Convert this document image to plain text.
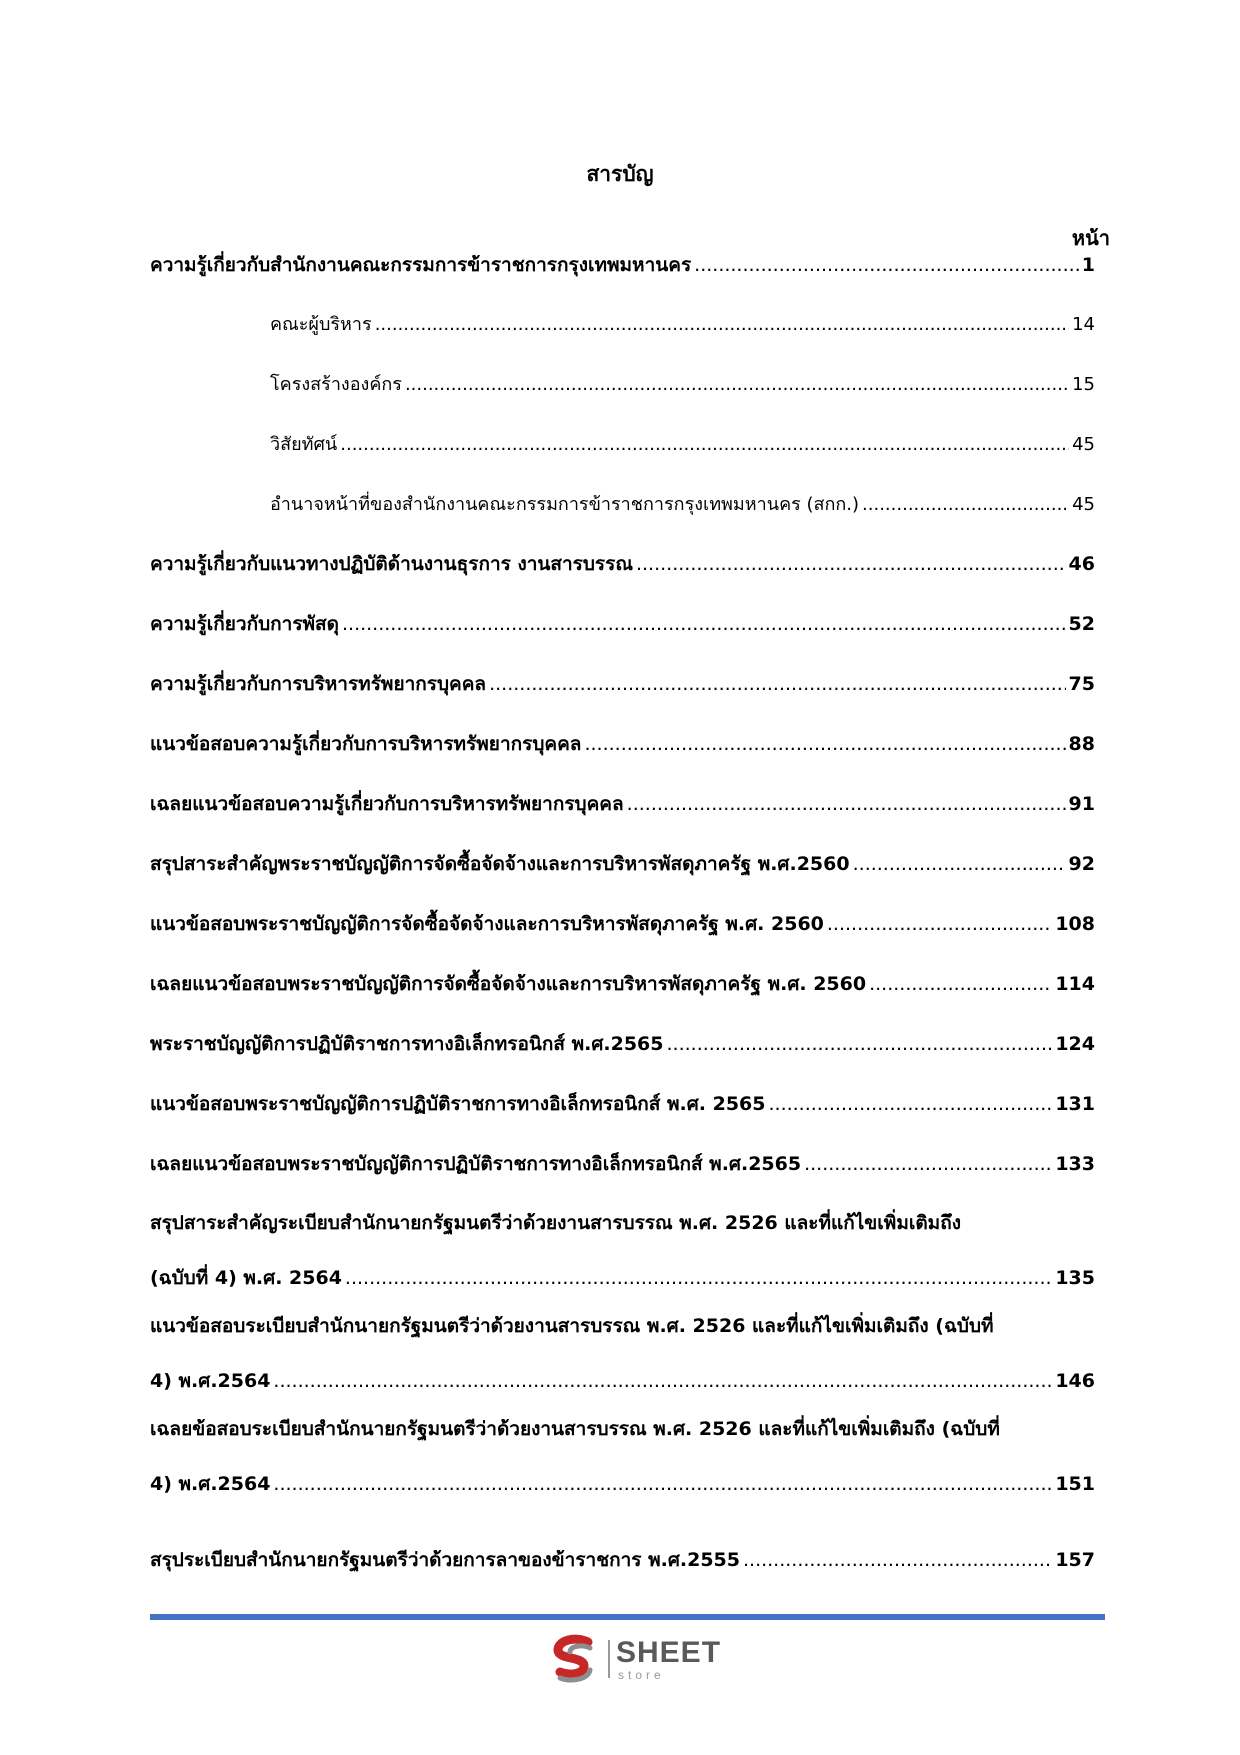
สารบัญ
หน้า
ความรู้เกี่ยวกับสำนักงานคณะกรรมการข้าราชการกรุงเทพมหานคร .....	1
คณะผู้บริหาร .....	14
โครงสร้างองค์กร .....	15
วิสัยทัศน์ .....	45
อำนาจหน้าที่ของสำนักงานคณะกรรมการข้าราชการกรุงเทพมหานคร (สกก.) .....	45
ความรู้เกี่ยวกับแนวทางปฏิบัติด้านงานธุรการ งานสารบรรณ .....	46
ความรู้เกี่ยวกับการพัสดุ .....	52
ความรู้เกี่ยวกับการบริหารทรัพยากรบุคคล .....	75
แนวข้อสอบความรู้เกี่ยวกับการบริหารทรัพยากรบุคคล .....	88
เฉลยแนวข้อสอบความรู้เกี่ยวกับการบริหารทรัพยากรบุคคล .....	91
สรุปสาระสำคัญพระราชบัญญัติการจัดซื้อจัดจ้างและการบริหารพัสดุภาครัฐ พ.ศ.2560 .....	92
แนวข้อสอบพระราชบัญญัติการจัดซื้อจัดจ้างและการบริหารพัสดุภาครัฐ พ.ศ. 2560 .....	108
เฉลยแนวข้อสอบพระราชบัญญัติการจัดซื้อจัดจ้างและการบริหารพัสดุภาครัฐ พ.ศ. 2560 .....	114
พระราชบัญญัติการปฏิบัติราชการทางอิเล็กทรอนิกส์ พ.ศ.2565 .....	124
แนวข้อสอบพระราชบัญญัติการปฏิบัติราชการทางอิเล็กทรอนิกส์ พ.ศ. 2565 .....	131
เฉลยแนวข้อสอบพระราชบัญญัติการปฏิบัติราชการทางอิเล็กทรอนิกส์ พ.ศ.2565 .....	133
สรุปสาระสำคัญระเบียบสำนักนายกรัฐมนตรีว่าด้วยงานสารบรรณ พ.ศ. 2526 และที่แก้ไขเพิ่มเติมถึง
(ฉบับที่ 4) พ.ศ. 2564 .....	135
แนวข้อสอบระเบียบสำนักนายกรัฐมนตรีว่าด้วยงานสารบรรณ พ.ศ. 2526 และที่แก้ไขเพิ่มเติมถึง (ฉบับที่
4) พ.ศ.2564 .....	146
เฉลยข้อสอบระเบียบสำนักนายกรัฐมนตรีว่าด้วยงานสารบรรณ พ.ศ. 2526 และที่แก้ไขเพิ่มเติมถึง (ฉบับที่
4) พ.ศ.2564 .....	151
สรุประเบียบสำนักนายกรัฐมนตรีว่าด้วยการลาของข้าราชการ พ.ศ.2555 .....	157
SHEET
store
